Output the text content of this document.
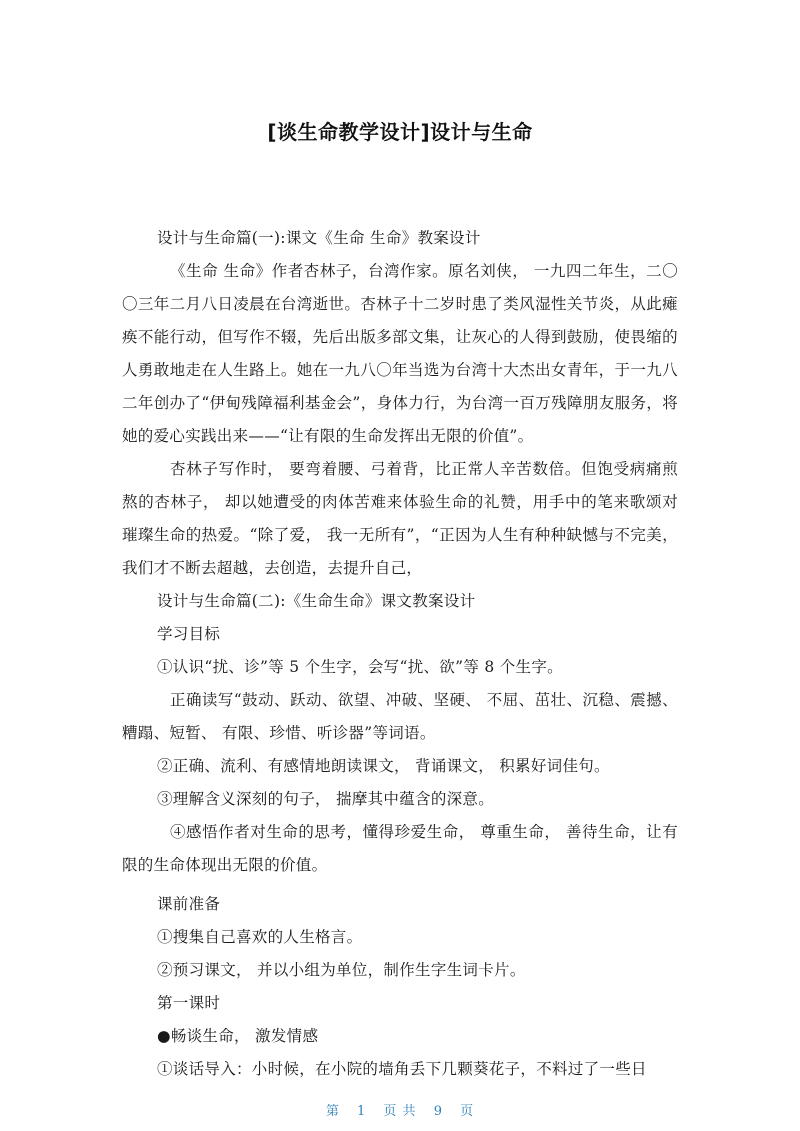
[谈生命教学设计]设计与生命

设计与生命篇(一):课文《生命 生命》教案设计

《生命 生命》作者杏林子，台湾作家。原名刘侠， 一九四二年生，二〇〇三年二月八日凌晨在台湾逝世。杏林子十二岁时患了类风湿性关节炎，从此瘫痪不能行动，但写作不辍，先后出版多部文集，让灰心的人得到鼓励，使畏缩的人勇敢地走在人生路上。她在一九八〇年当选为台湾十大杰出女青年，于一九八二年创办了“伊甸残障福利基金会”，身体力行，为台湾一百万残障朋友服务，将她的爱心实践出来——“让有限的生命发挥出无限的价值”。

杏林子写作时， 要弯着腰、弓着背，比正常人辛苦数倍。但饱受病痛煎熬的杏林子， 却以她遭受的肉体苦难来体验生命的礼赞，用手中的笔来歌颂对璀璨生命的热爱。“除了爱， 我一无所有”，“正因为人生有种种缺憾与不完美，我们才不断去超越，去创造，去提升自己，

设计与生命篇(二):《生命生命》课文教案设计

学习目标

①认识“扰、诊”等 5 个生字，会写“扰、欲”等 8 个生字。

正确读写“鼓动、跃动、欲望、冲破、坚硬、 不屈、茁壮、沉稳、震撼、糟蹋、短暂、 有限、珍惜、听诊器”等词语。

②正确、流利、有感情地朗读课文， 背诵课文， 积累好词佳句。

③理解含义深刻的句子， 揣摩其中蕴含的深意。

④感悟作者对生命的思考，懂得珍爱生命， 尊重生命， 善待生命，让有限的生命体现出无限的价值。

课前准备

①搜集自己喜欢的人生格言。

②预习课文， 并以小组为单位，制作生字生词卡片。

第一课时

●畅谈生命， 激发情感

①谈话导入：小时候，在小院的墙角丢下几颗葵花子，不料过了一些日

第 1 页 共 9 页
